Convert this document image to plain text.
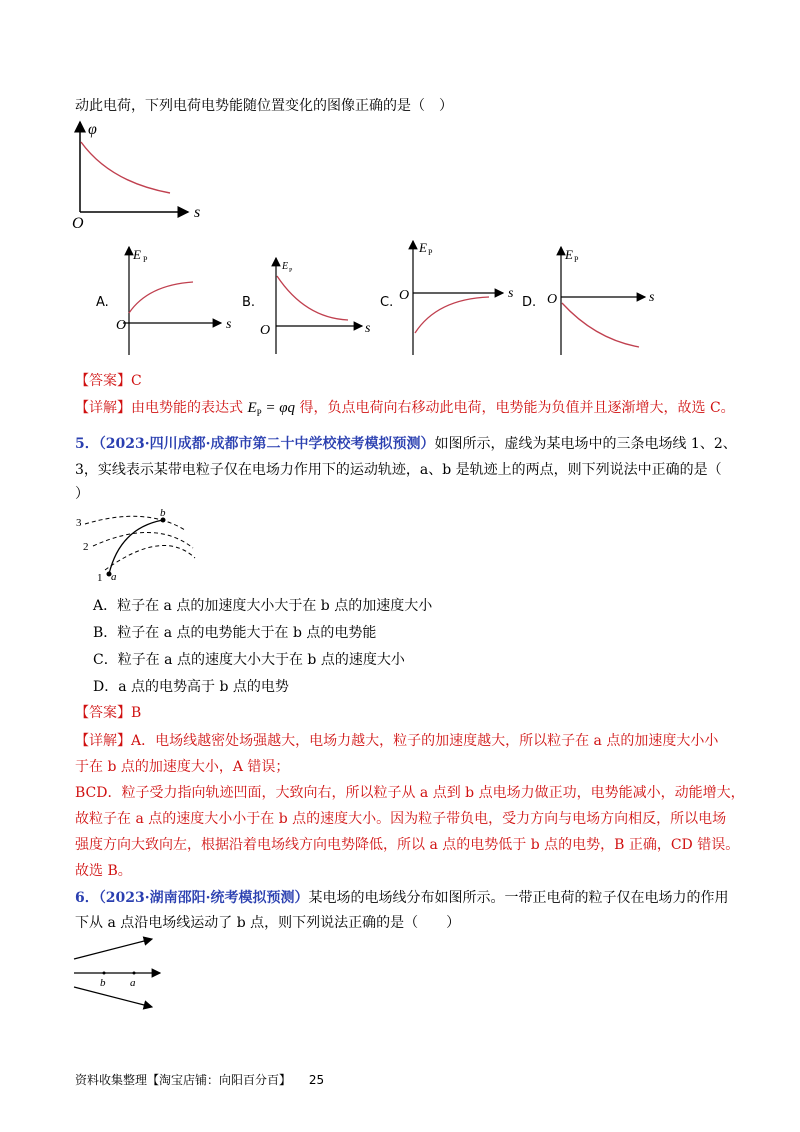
动此电荷，下列电荷电势能随位置变化的图像正确的是（　）
φ
s
O
A.
E P
s
O
B.
E P
s
O
C.
E P
s
O	D.
E P
s
O
【答案】C
【详解】由电势能的表达式 $E_P = \varphi q$ 得，负点电荷向右移动此电荷，电势能为负值并且逐渐增大，故选 C。
5．（2023·四川成都·成都市第二十中学校校考模拟预测）如图所示，虚线为某电场中的三条电场线 1、2、
3，实线表示某带电粒子仅在电场力作用下的运动轨迹，a、b 是轨迹上的两点，则下列说法中正确的是（
）
3
2
1 a
b
A．粒子在 a 点的加速度大小大于在 b 点的加速度大小
B．粒子在 a 点的电势能大于在 b 点的电势能
C．粒子在 a 点的速度大小大于在 b 点的速度大小
D．a 点的电势高于 b 点的电势
【答案】B
【详解】A．电场线越密处场强越大，电场力越大，粒子的加速度越大，所以粒子在 a 点的加速度大小小
于在 b 点的加速度大小，A 错误；
BCD．粒子受力指向轨迹凹面，大致向右，所以粒子从 a 点到 b 点电场力做正功，电势能减小，动能增大，
故粒子在 a 点的速度大小小于在 b 点的速度大小。因为粒子带负电，受力方向与电场方向相反，所以电场
强度方向大致向左，根据沿着电场线方向电势降低，所以 a 点的电势低于 b 点的电势，B 正确，CD 错误。
故选 B。
6．（2023·湖南邵阳·统考模拟预测）某电场的电场线分布如图所示。一带正电荷的粒子仅在电场力的作用
下从 a 点沿电场线运动了 b 点，则下列说法正确的是（　　）
b a
资料收集整理【淘宝店铺：向阳百分百】 25
